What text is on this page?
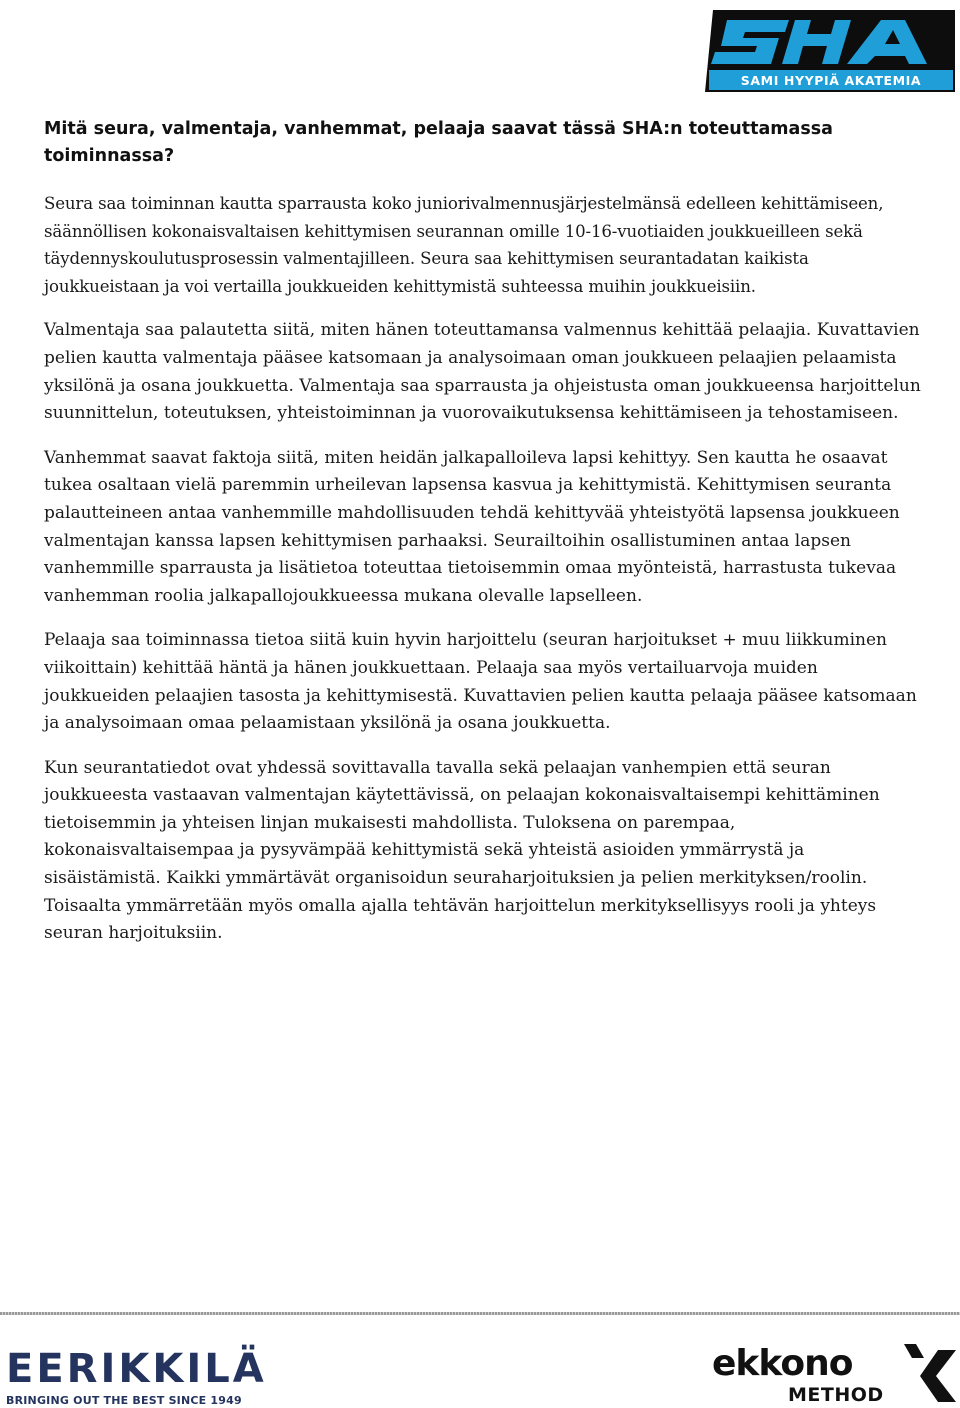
SAMI HYYPIÄ AKATEMIA
Mitä seura, valmentaja, vanhemmat, pelaaja saavat tässä SHA:n toteuttamassa toiminnassa?

Seura saa toiminnan kautta sparrausta koko juniorivalmennusjärjestelmänsä edelleen kehittämiseen, säännöllisen kokonaisvaltaisen kehittymisen seurannan omille 10-16-vuotiaiden joukkueilleen sekä täydennyskoulutusprosessin valmentajilleen. Seura saa kehittymisen seurantadatan kaikista joukkueistaan ja voi vertailla joukkueiden kehittymistä suhteessa muihin joukkueisiin.

Valmentaja saa palautetta siitä, miten hänen toteuttamansa valmennus kehittää pelaajia. Kuvattavien pelien kautta valmentaja pääsee katsomaan ja analysoimaan oman joukkueen pelaajien pelaamista yksilönä ja osana joukkuetta. Valmentaja saa sparrausta ja ohjeistusta oman joukkueensa harjoittelun suunnittelun, toteutuksen, yhteistoiminnan ja vuorovaikutuksensa kehittämiseen ja tehostamiseen.

Vanhemmat saavat faktoja siitä, miten heidän jalkapalloileva lapsi kehittyy. Sen kautta he osaavat tukea osaltaan vielä paremmin urheilevan lapsensa kasvua ja kehittymistä. Kehittymisen seuranta palautteineen antaa vanhemmille mahdollisuuden tehdä kehittyvää yhteistyötä lapsensa joukkueen valmentajan kanssa lapsen kehittymisen parhaaksi. Seurailtoihin osallistuminen antaa lapsen vanhemmille sparrausta ja lisätietoa toteuttaa tietoisemmin omaa myönteistä, harrastusta tukevaa vanhemman roolia jalkapallojoukkueessa mukana olevalle lapselleen.

Pelaaja saa toiminnassa tietoa siitä kuin hyvin harjoittelu (seuran harjoitukset + muu liikkuminen viikoittain) kehittää häntä ja hänen joukkuettaan. Pelaaja saa myös vertailuarvoja muiden joukkueiden pelaajien tasosta ja kehittymisestä. Kuvattavien pelien kautta pelaaja pääsee katsomaan ja analysoimaan omaa pelaamistaan yksilönä ja osana joukkuetta.

Kun seurantatiedot ovat yhdessä sovittavalla tavalla sekä pelaajan vanhempien että seuran joukkueesta vastaavan valmentajan käytettävissä, on pelaajan kokonaisvaltaisempi kehittäminen tietoisemmin ja yhteisen linjan mukaisesti mahdollista. Tuloksena on parempaa, kokonaisvaltaisempaa ja pysyvämpää kehittymistä sekä yhteistä asioiden ymmärrystä ja sisäistämistä. Kaikki ymmärtävät organisoidun seuraharjoituksien ja pelien merkityksen/roolin. Toisaalta ymmärretään myös omalla ajalla tehtävän harjoittelun merkityksellisyys rooli ja yhteys seuran harjoituksiin.

EERIKKILÄ
BRINGING OUT THE BEST SINCE 1949
ekkono
METHOD
